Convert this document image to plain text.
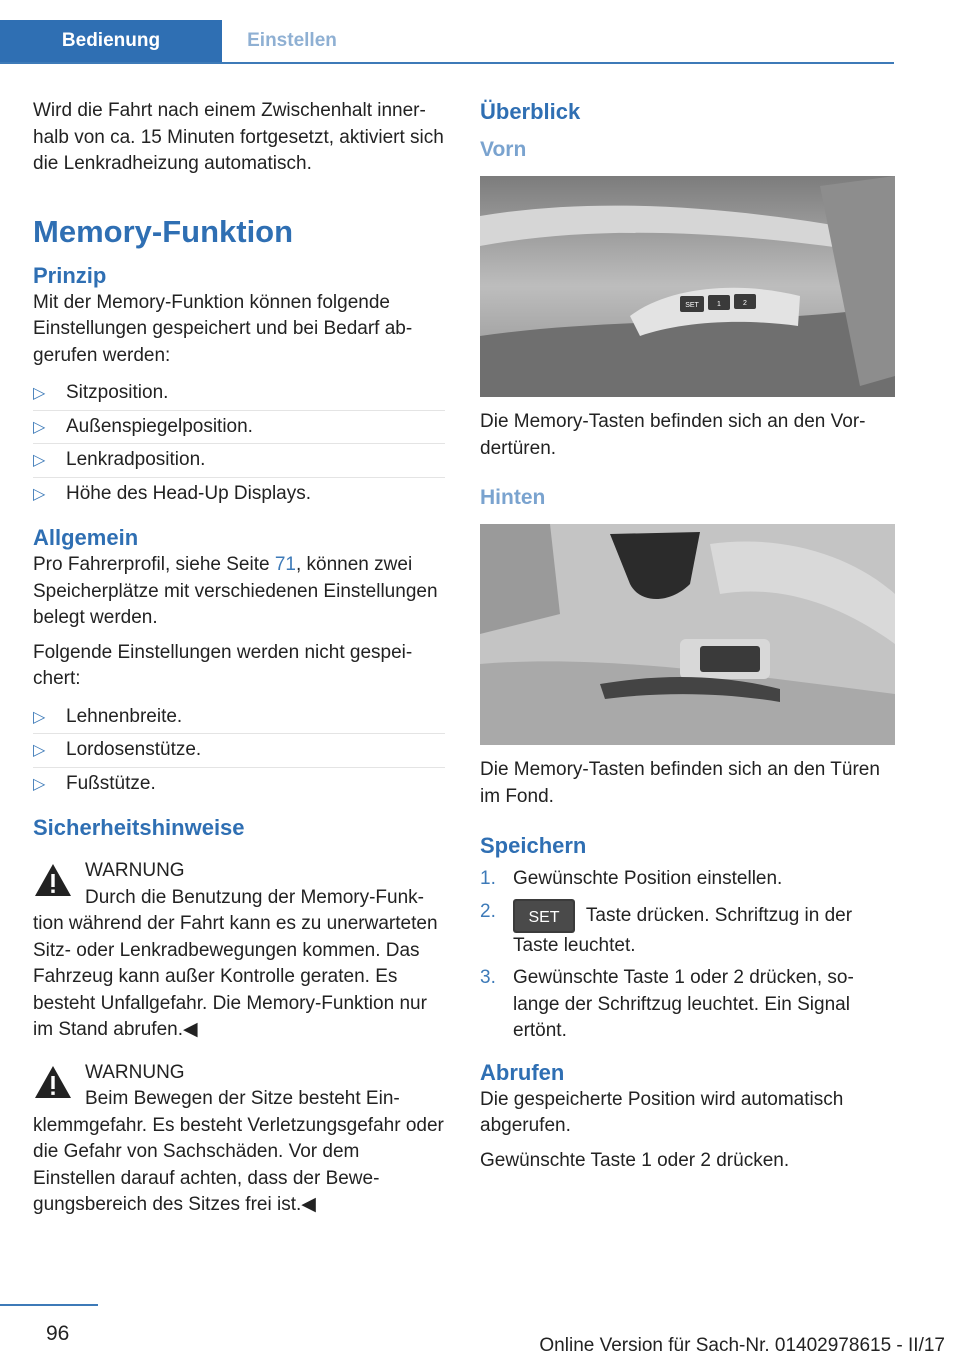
Bedienung	Einstellen

Wird die Fahrt nach einem Zwischenhalt innerhalb von ca. 15 Minuten fortgesetzt, aktiviert sich die Lenkradheizung automatisch.

Memory-Funktion
Prinzip

Mit der Memory-Funktion können folgende Einstellungen gespeichert und bei Bedarf abgerufen werden:

▷ Sitzposition.
▷ Außenspiegelposition.
▷ Lenkradposition.
▷ Höhe des Head-Up Displays.
Allgemein

Pro Fahrerprofil, siehe Seite 71, können zwei Speicherplätze mit verschiedenen Einstellungen belegt werden.

Folgende Einstellungen werden nicht gespeichert:

▷ Lehnenbreite.
▷ Lordosenstütze.
▷ Fußstütze.
Sicherheitshinweise
WARNUNG
Durch die Benutzung der Memory-Funktion während der Fahrt kann es zu unerwarteten Sitz- oder Lenkradbewegungen kommen. Das Fahrzeug kann außer Kontrolle geraten. Es besteht Unfallgefahr. Die Memory-Funktion nur im Stand abrufen.◀
WARNUNG
Beim Bewegen der Sitze besteht Einklemmgefahr. Es besteht Verletzungsgefahr oder die Gefahr von Sachschäden. Vor dem Einstellen darauf achten, dass der Bewegungsbereich des Sitzes frei ist.◀
Überblick
Vorn
SET	1	2

Die Memory-Tasten befinden sich an den Vordertüren.

Hinten

Die Memory-Tasten befinden sich an den Türen im Fond.

Speichern
1. Gewünschte Position einstellen.
2. SET Taste drücken. Schriftzug in der Taste leuchtet.
3. Gewünschte Taste 1 oder 2 drücken, solange der Schriftzug leuchtet. Ein Signal ertönt.
Abrufen

Die gespeicherte Position wird automatisch abgerufen.

Gewünschte Taste 1 oder 2 drücken.

96
Online Version für Sach-Nr. 01402978615 - II/17
